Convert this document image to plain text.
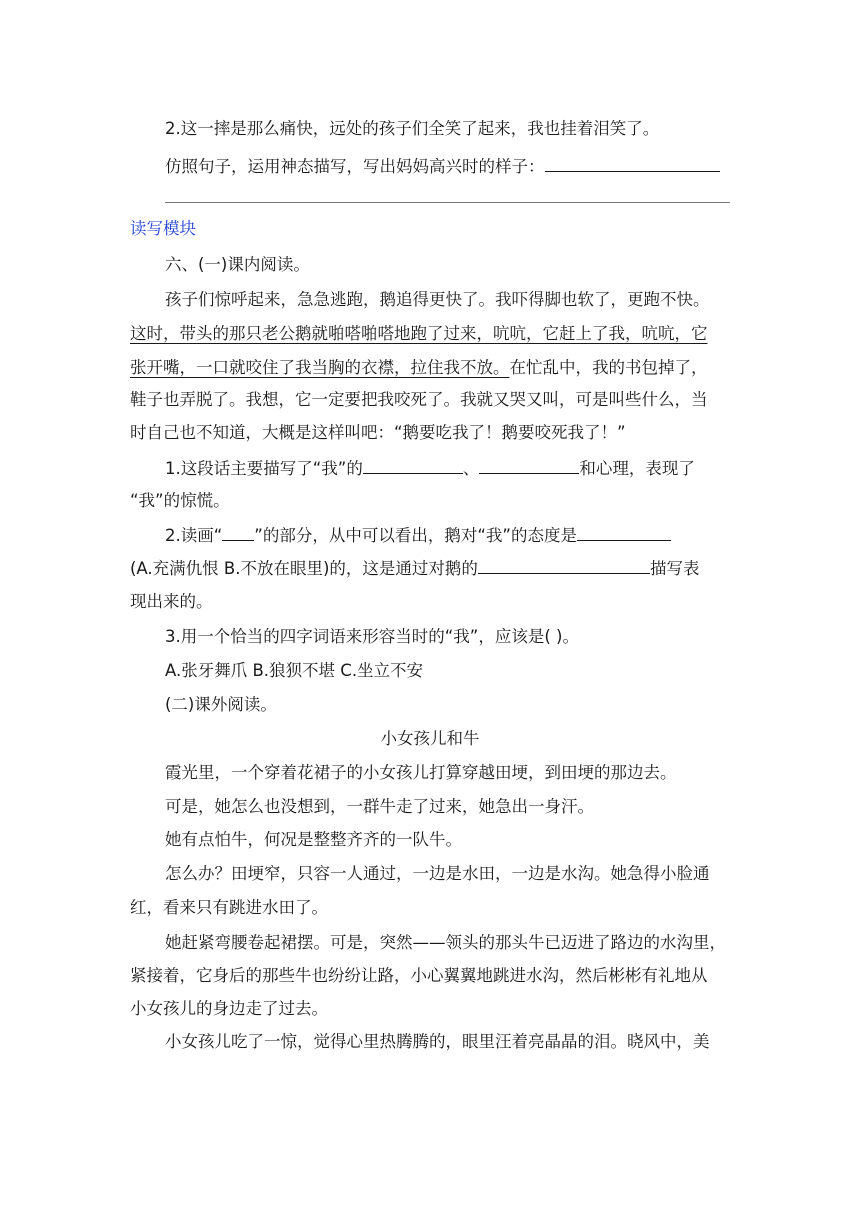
2.这一摔是那么痛快，远处的孩子们全笑了起来，我也挂着泪笑了。
仿照句子，运用神态描写，写出妈妈高兴时的样子：
读写模块
六、(一)课内阅读。
孩子们惊呼起来，急急逃跑，鹅追得更快了。我吓得脚也软了，更跑不快。
这时，带头的那只老公鹅就啪嗒啪嗒地跑了过来，吭吭，它赶上了我，吭吭，它
张开嘴，一口就咬住了我当胸的衣襟，拉住我不放。在忙乱中，我的书包掉了，
鞋子也弄脱了。我想，它一定要把我咬死了。我就又哭又叫，可是叫些什么，当
时自己也不知道，大概是这样叫吧：“鹅要吃我了！鹅要咬死我了！”
1.这段话主要描写了“我”的	、	和心理，表现了
“我”的惊慌。
2.读画“ ”的部分，从中可以看出，鹅对“我”的态度是
(A.充满仇恨 B.不放在眼里)的，这是通过对鹅的	描写表
现出来的。
3.用一个恰当的四字词语来形容当时的“我”，应该是( )。
A.张牙舞爪 B.狼狈不堪 C.坐立不安
(二)课外阅读。
小女孩儿和牛
霞光里，一个穿着花裙子的小女孩儿打算穿越田埂，到田埂的那边去。
可是，她怎么也没想到，一群牛走了过来，她急出一身汗。
她有点怕牛，何况是整整齐齐的一队牛。
怎么办？田埂窄，只容一人通过，一边是水田，一边是水沟。她急得小脸通
红，看来只有跳进水田了。
她赶紧弯腰卷起裙摆。可是，突然——领头的那头牛已迈进了路边的水沟里，
紧接着，它身后的那些牛也纷纷让路，小心翼翼地跳进水沟，然后彬彬有礼地从
小女孩儿的身边走了过去。
小女孩儿吃了一惊，觉得心里热腾腾的，眼里汪着亮晶晶的泪。晓风中，美
